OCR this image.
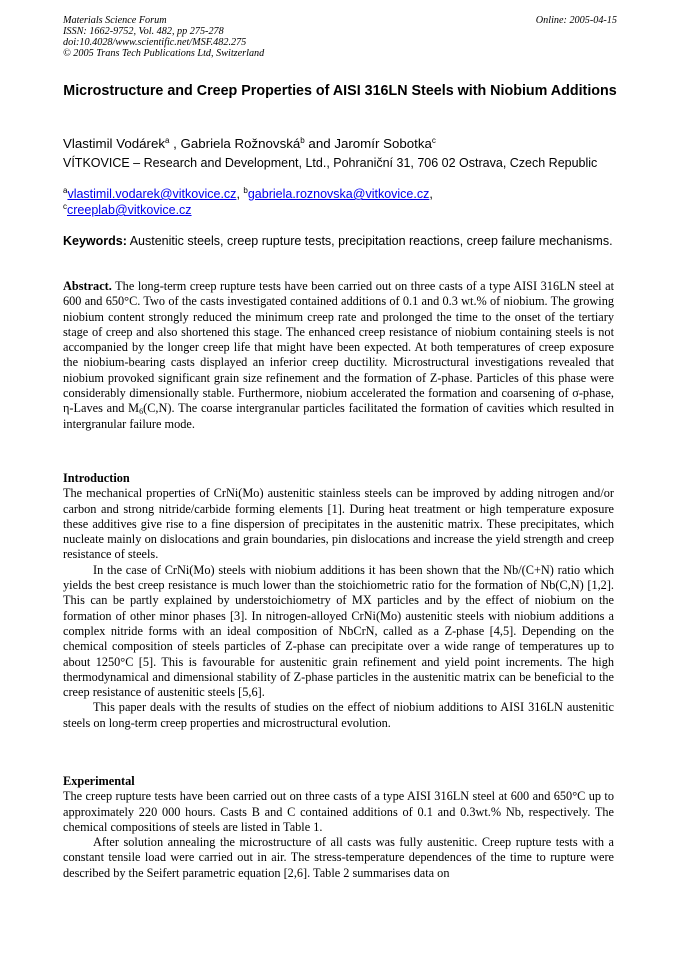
Materials Science Forum
ISSN: 1662-9752, Vol. 482, pp 275-278
doi:10.4028/www.scientific.net/MSF.482.275
© 2005 Trans Tech Publications Ltd, Switzerland
Online: 2005-04-15
Microstructure and Creep Properties of AISI 316LN Steels with Niobium Additions
Vlastimil Vodárek$^a$ , Gabriela Rožnovská$^b$ and Jaromír Sobotka$^c$
VÍTKOVICE – Research and Development, Ltd., Pohraniční 31, 706 02 Ostrava, Czech Republic
$^a$vlastimil.vodarek@vitkovice.cz, $^b$gabriela.roznovska@vitkovice.cz,
$^c$creeplab@vitkovice.cz
Keywords: Austenitic steels, creep rupture tests, precipitation reactions, creep failure mechanisms.
Abstract. The long-term creep rupture tests have been carried out on three casts of a type AISI 316LN steel at 600 and 650°C. Two of the casts investigated contained additions of 0.1 and 0.3 wt.% of niobium. The growing niobium content strongly reduced the minimum creep rate and prolonged the time to the onset of the tertiary stage of creep and also shortened this stage. The enhanced creep resistance of niobium containing steels is not accompanied by the longer creep life that might have been expected. At both temperatures of creep exposure the niobium-bearing casts displayed an inferior creep ductility. Microstructural investigations revealed that niobium provoked significant grain size refinement and the formation of Z-phase. Particles of this phase were considerably dimensionally stable. Furthermore, niobium accelerated the formation and coarsening of σ-phase, η-Laves and $M_6(C,N)$. The coarse intergranular particles facilitated the formation of cavities which resulted in intergranular failure mode.

Introduction

The mechanical properties of CrNi(Mo) austenitic stainless steels can be improved by adding nitrogen and/or carbon and strong nitride/carbide forming elements [1]. During heat treatment or high temperature exposure these additives give rise to a fine dispersion of precipitates in the austenitic matrix. These precipitates, which nucleate mainly on dislocations and grain boundaries, pin dislocations and increase the yield strength and creep resistance of steels.

In the case of CrNi(Mo) steels with niobium additions it has been shown that the Nb/(C+N) ratio which yields the best creep resistance is much lower than the stoichiometric ratio for the formation of Nb(C,N) [1,2]. This can be partly explained by understoichiometry of MX particles and by the effect of niobium on the formation of other minor phases [3]. In nitrogen-alloyed CrNi(Mo) austenitic steels with niobium additions a complex nitride forms with an ideal composition of NbCrN, called as a Z-phase [4,5]. Depending on the chemical composition of steels particles of Z-phase can precipitate over a wide range of temperatures up to about 1250°C [5]. This is favourable for austenitic grain refinement and yield point increments. The high thermodynamical and dimensional stability of Z-phase particles in the austenitic matrix can be beneficial to the creep resistance of austenitic steels [5,6].

This paper deals with the results of studies on the effect of niobium additions to AISI 316LN austenitic steels on long-term creep properties and microstructural evolution.

Experimental

The creep rupture tests have been carried out on three casts of a type AISI 316LN steel at 600 and 650°C up to approximately 220 000 hours. Casts B and C contained additions of 0.1 and 0.3wt.% Nb, respectively. The chemical compositions of steels are listed in Table 1.

After solution annealing the microstructure of all casts was fully austenitic. Creep rupture tests with a constant tensile load were carried out in air. The stress-temperature dependences of the time to rupture were described by the Seifert parametric equation [2,6]. Table 2 summarises data on
